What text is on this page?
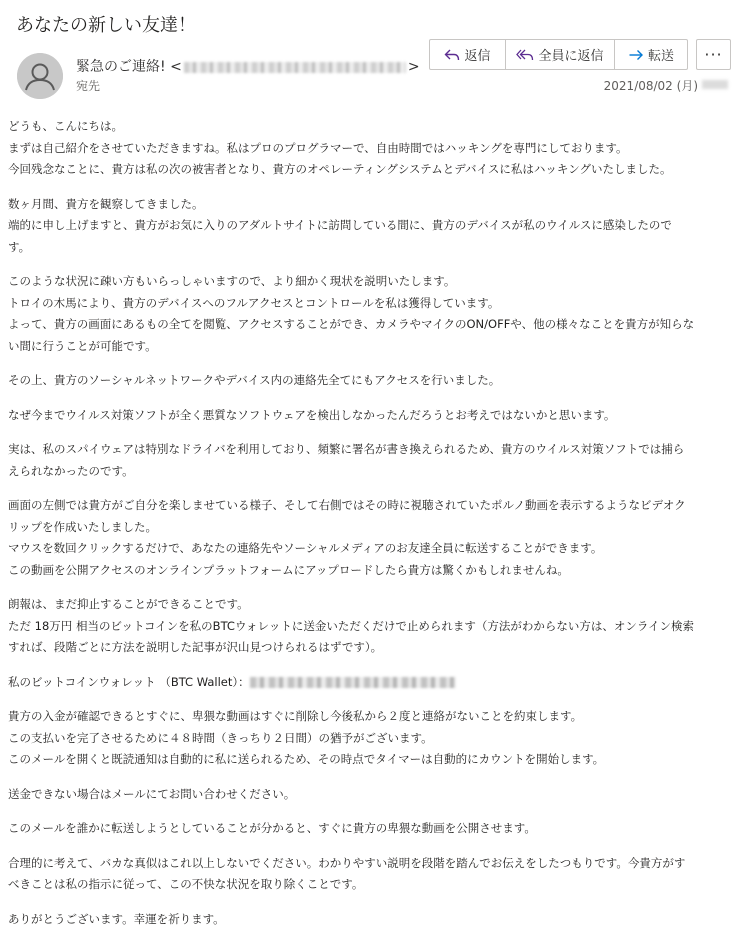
あなたの新しい友達！
緊急のご連絡! <	>
宛先
返信	全員に返信	転送 ···
2021/08/02 (月)

どうも、こんにちは。
まずは自己紹介をさせていただきますね。私はプロのプログラマーで、自由時間ではハッキングを専門にしております。
今回残念なことに、貴方は私の次の被害者となり、貴方のオペレーティングシステムとデバイスに私はハッキングいたしました。

数ヶ月間、貴方を観察してきました。
端的に申し上げますと、貴方がお気に入りのアダルトサイトに訪問している間に、貴方のデバイスが私のウイルスに感染したので
す。

このような状況に疎い方もいらっしゃいますので、より細かく現状を説明いたします。
トロイの木馬により、貴方のデバイスへのフルアクセスとコントロールを私は獲得しています。
よって、貴方の画面にあるもの全てを閲覧、アクセスすることができ、カメラやマイクのON/OFFや、他の様々なことを貴方が知らな
い間に行うことが可能です。

その上、貴方のソーシャルネットワークやデバイス内の連絡先全てにもアクセスを行いました。

なぜ今までウイルス対策ソフトが全く悪質なソフトウェアを検出しなかったんだろうとお考えではないかと思います。

実は、私のスパイウェアは特別なドライバを利用しており、頻繁に署名が書き換えられるため、貴方のウイルス対策ソフトでは捕ら
えられなかったのです。

画面の左側では貴方がご自分を楽しませている様子、そして右側ではその時に視聴されていたポルノ動画を表示するようなビデオク
リップを作成いたしました。
マウスを数回クリックするだけで、あなたの連絡先やソーシャルメディアのお友達全員に転送することができます。
この動画を公開アクセスのオンラインプラットフォームにアップロードしたら貴方は驚くかもしれませんね。

朗報は、まだ抑止することができることです。
ただ 18万円 相当のビットコインを私のBTCウォレットに送金いただくだけで止められます（方法がわからない方は、オンライン検索
すれば、段階ごとに方法を説明した記事が沢山見つけられるはずです）。

私のビットコインウォレット （BTC Wallet）：

貴方の入金が確認できるとすぐに、卑猥な動画はすぐに削除し今後私から２度と連絡がないことを約束します。
この支払いを完了させるために４８時間（きっちり２日間）の猶予がございます。
このメールを開くと既読通知は自動的に私に送られるため、その時点でタイマーは自動的にカウントを開始します。

送金できない場合はメールにてお問い合わせください。

このメールを誰かに転送しようとしていることが分かると、すぐに貴方の卑猥な動画を公開させます。

合理的に考えて、バカな真似はこれ以上しないでください。わかりやすい説明を段階を踏んでお伝えをしたつもりです。今貴方がす
べきことは私の指示に従って、この不快な状況を取り除くことです。

ありがとうございます。幸運を祈ります。
